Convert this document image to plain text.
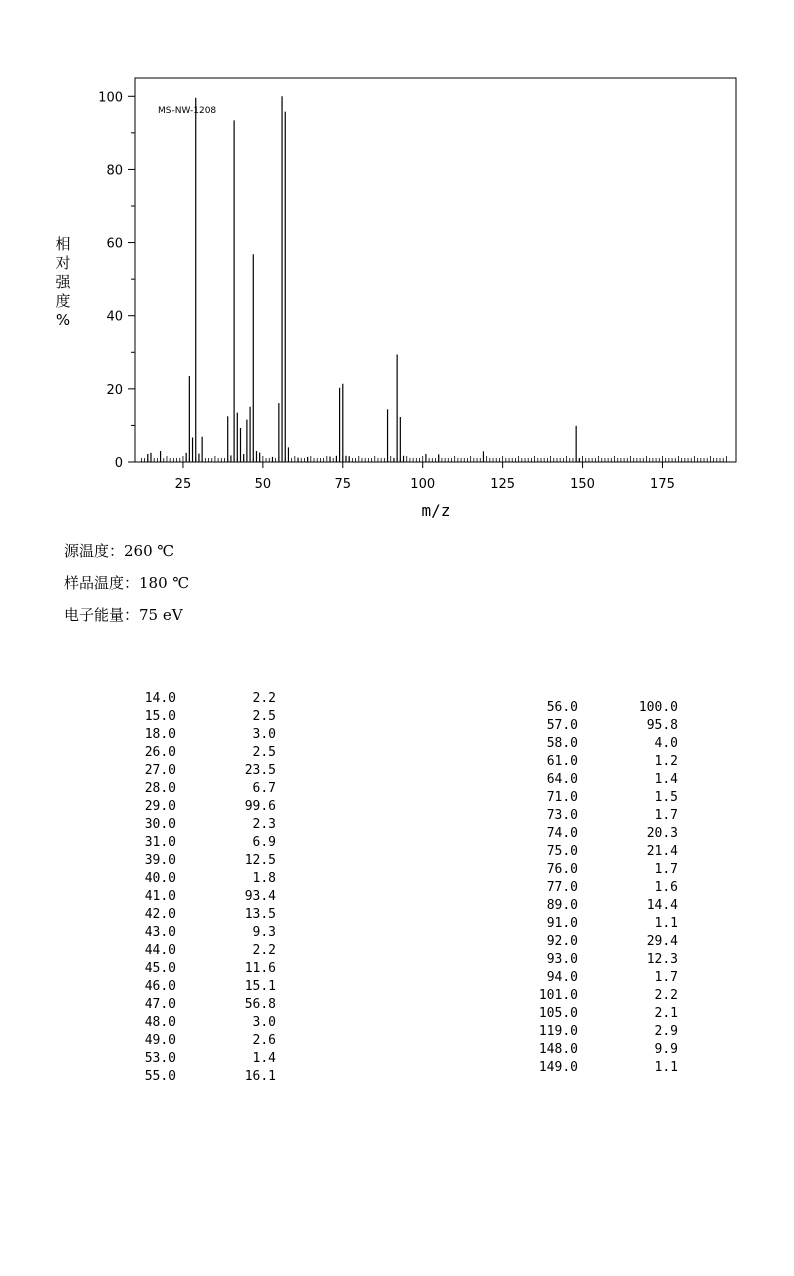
0
20
40
60
80
100
25	50	75	100	125	150	175
MS-NW-1208
m/z
相
对
强
度
%
源温度：260 ℃
样品温度：180 ℃
电子能量：75 eV
14.0	2.2
15.0	2.5
18.0	3.0
26.0	2.5
27.0	23.5
28.0	6.7
29.0	99.6
30.0	2.3
31.0	6.9
39.0	12.5
40.0	1.8
41.0	93.4
42.0	13.5
43.0	9.3
44.0	2.2
45.0	11.6
46.0	15.1
47.0	56.8
48.0	3.0
49.0	2.6
53.0	1.4
55.0	16.1
56.0	100.0
57.0	95.8
58.0	4.0
61.0	1.2
64.0	1.4
71.0	1.5
73.0	1.7
74.0	20.3
75.0	21.4
76.0	1.7
77.0	1.6
89.0	14.4
91.0	1.1
92.0	29.4
93.0	12.3
94.0	1.7
101.0	2.2
105.0	2.1
119.0	2.9
148.0	9.9
149.0	1.1
